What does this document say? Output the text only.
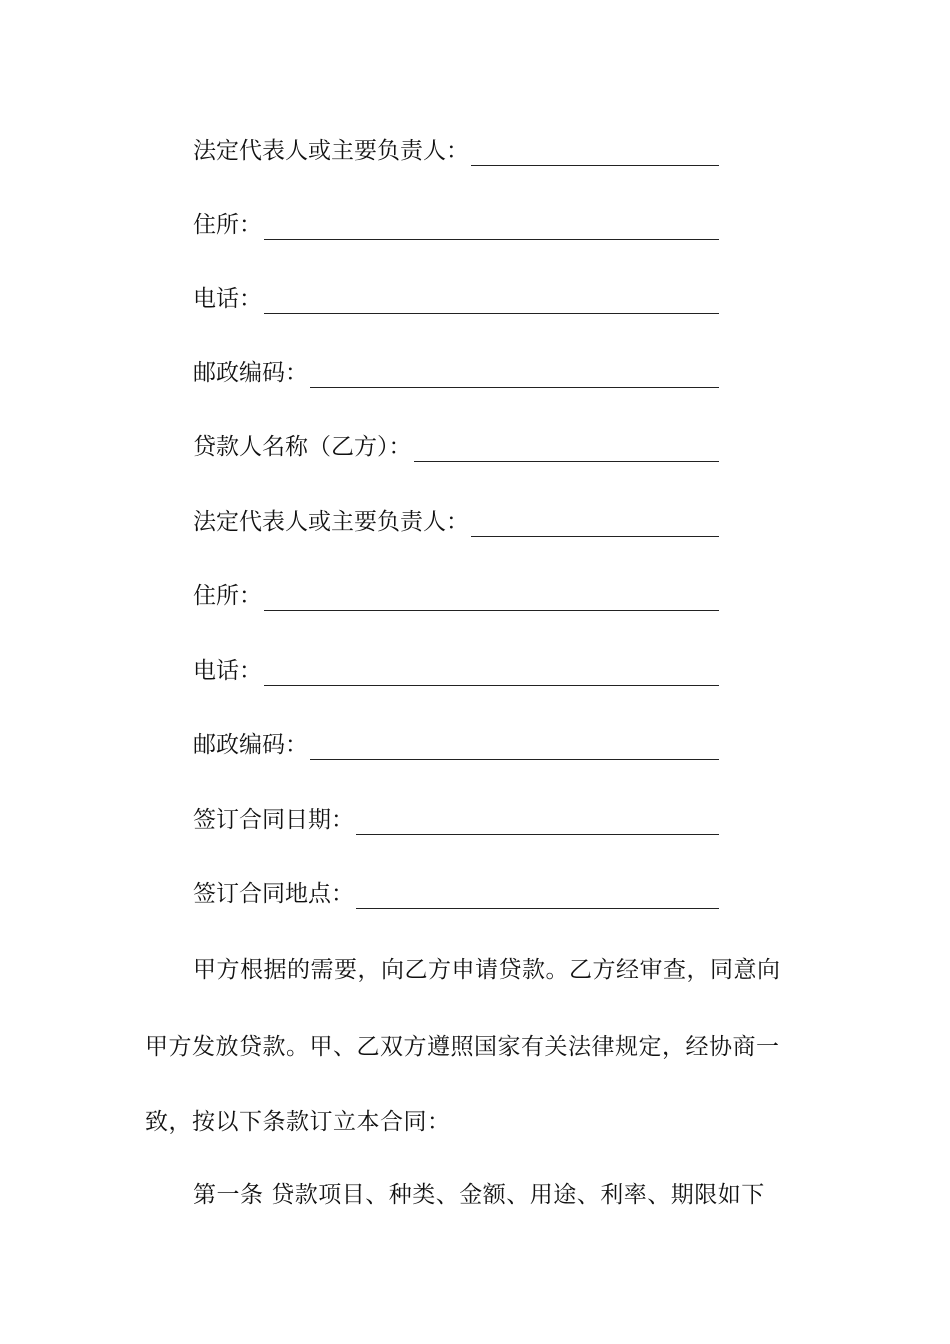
法定代表人或主要负责人：
住所：
电话：
邮政编码：
贷款人名称（乙方）：
法定代表人或主要负责人：
住所：
电话：
邮政编码：
签订合同日期：
签订合同地点：
甲方根据的需要，向乙方申请贷款。乙方经审查，同意向
甲方发放贷款。甲、乙双方遵照国家有关法律规定，经协商一
致，按以下条款订立本合同：
第一条 贷款项目、种类、金额、用途、利率、期限如下
